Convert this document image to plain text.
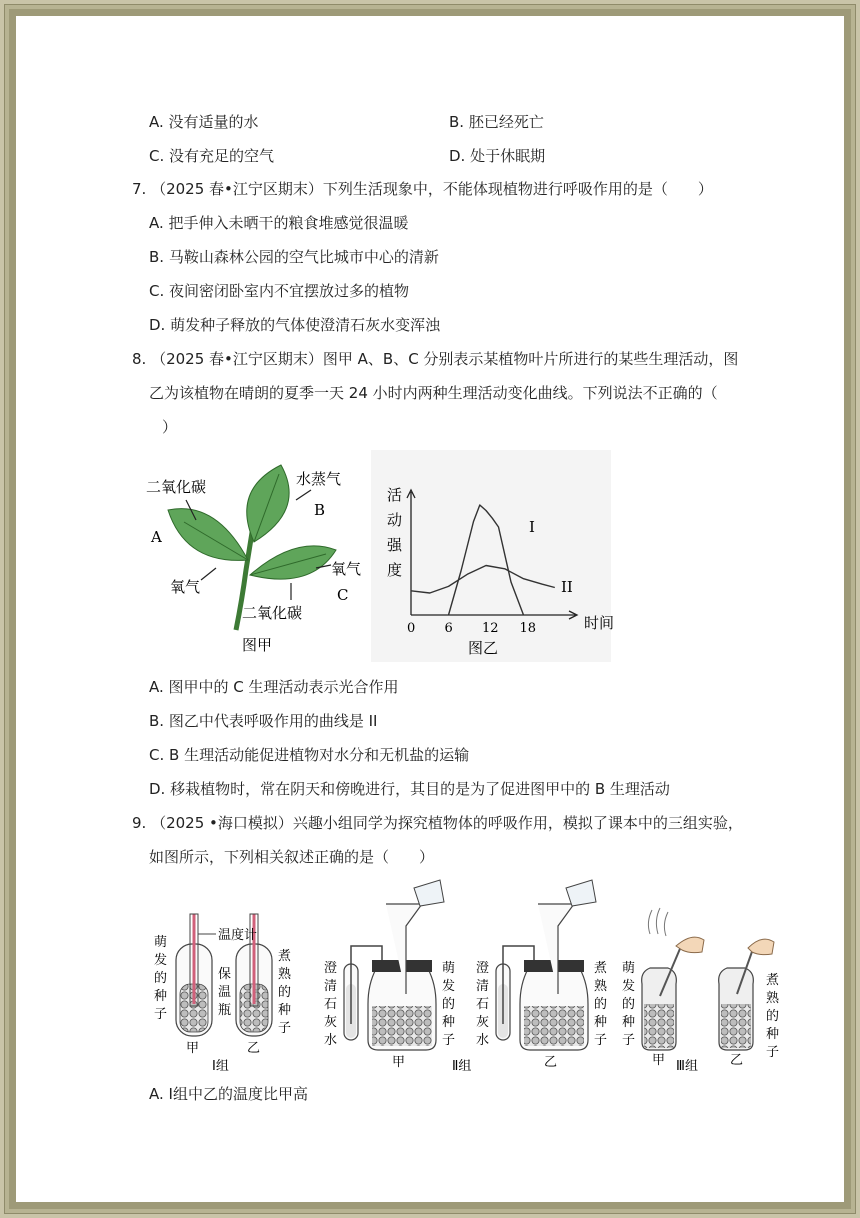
A. 没有适量的水	B. 胚已经死亡
C. 没有充足的空气	D. 处于休眠期
7. （2025 春•江宁区期末）下列生活现象中，不能体现植物进行呼吸作用的是（　　）
A. 把手伸入未晒干的粮食堆感觉很温暖
B. 马鞍山森林公园的空气比城市中心的清新
C. 夜间密闭卧室内不宜摆放过多的植物
D. 萌发种子释放的气体使澄清石灰水变浑浊
8. （2025 春•江宁区期末）图甲 A、B、C 分别表示某植物叶片所进行的某些生理活动，图
乙为该植物在晴朗的夏季一天 24 小时内两种生理活动变化曲线。下列说法不正确的（
）
二氧化碳	水蒸气
A
B
C
氧气
氧气
二氧化碳
图甲
活
动
强
度
时间
图乙
0 6 12 18
I
II
A. 图甲中的 C 生理活动表示光合作用
B. 图乙中代表呼吸作用的曲线是 II
C. B 生理活动能促进植物对水分和无机盐的运输
D. 移栽植物时，常在阴天和傍晚进行，其目的是为了促进图甲中的 B 生理活动
9. （2025 •海口模拟）兴趣小组同学为探究植物体的呼吸作用，模拟了课本中的三组实验，
如图所示，下列相关叙述正确的是（　　）
温度计
萌
发
的
种
子
保
温
瓶
煮
熟
的
种
子
甲	乙
Ⅰ组
澄
清
石
灰
水
萌
发
的
种
子
甲	Ⅱ组
澄
清
石
灰
水
煮
熟
的
种
子
乙
萌
发
的
种
子
煮
熟
的
种
子
甲	乙
Ⅲ组
A. Ⅰ组中乙的温度比甲高
